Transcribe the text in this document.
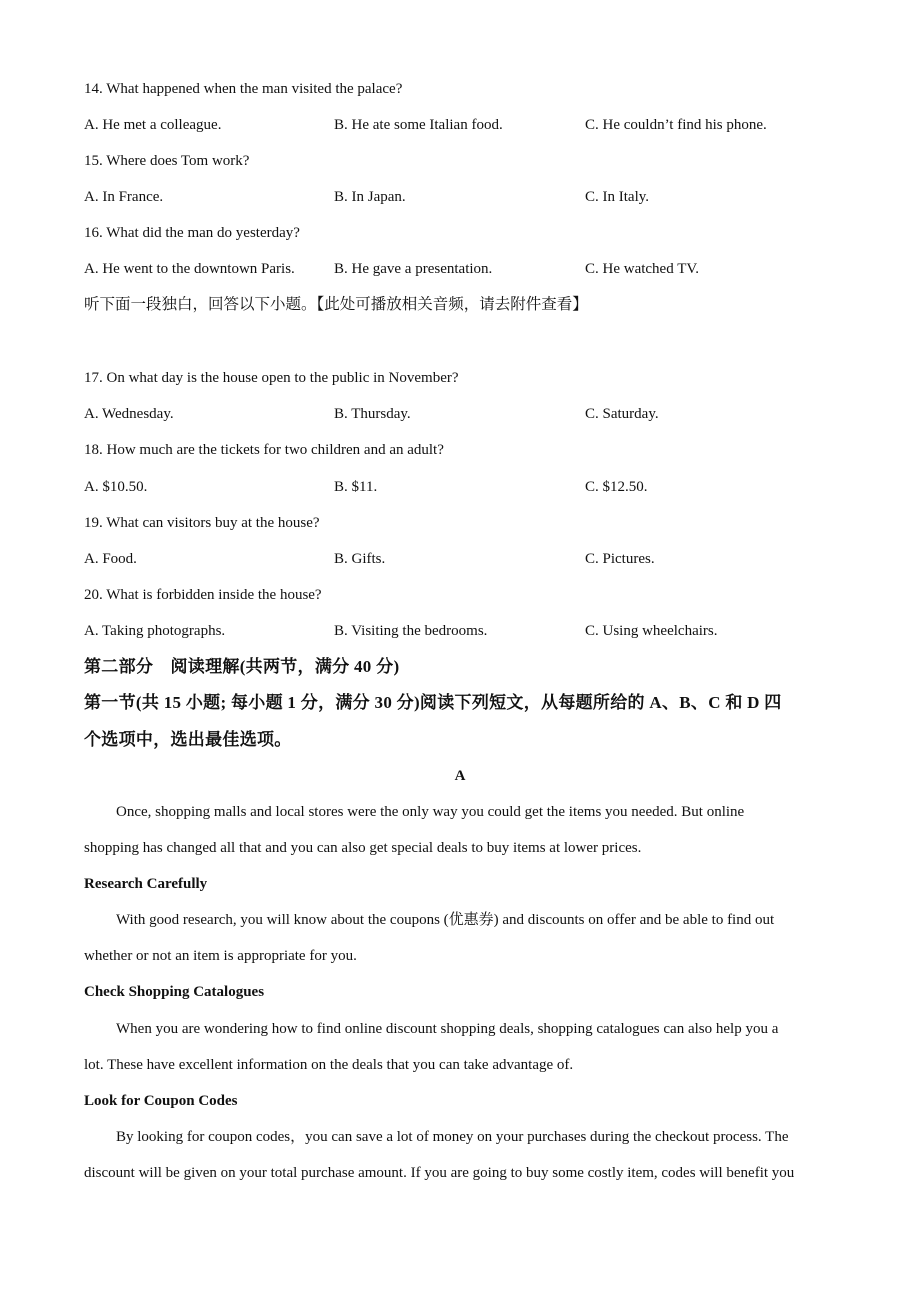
14. What happened when the man visited the palace?
A. He met a colleague.	B. He ate some Italian food.	C. He couldn’t find his phone.
15. Where does Tom work?
A. In France.	B. In Japan.	C. In Italy.
16. What did the man do yesterday?
A. He went to the downtown Paris.	B. He gave a presentation.	C. He watched TV.
听下面一段独白，回答以下小题。【此处可播放相关音频，请去附件查看】
17. On what day is the house open to the public in November?
A. Wednesday.	B. Thursday.	C. Saturday.
18. How much are the tickets for two children and an adult?
A. $10.50.	B. $11.	C. $12.50.
19. What can visitors buy at the house?
A. Food.	B. Gifts.	C. Pictures.
20. What is forbidden inside the house?
A. Taking photographs.	B. Visiting the bedrooms.	C. Using wheelchairs.
第二部分　阅读理解(共两节，满分 40 分)
第一节(共 15 小题; 每小题 1 分，满分 30 分)阅读下列短文，从每题所给的 A、B、C 和 D 四
个选项中，选出最佳选项。
A
Once, shopping malls and local stores were the only way you could get the items you needed. But online
shopping has changed all that and you can also get special deals to buy items at lower prices.
Research Carefully
With good research, you will know about the coupons (优惠券) and discounts on offer and be able to find out
whether or not an item is appropriate for you.
Check Shopping Catalogues
When you are wondering how to find online discount shopping deals, shopping catalogues can also help you a
lot. These have excellent information on the deals that you can take advantage of.
Look for Coupon Codes
By looking for coupon codes，you can save a lot of money on your purchases during the checkout process. The
discount will be given on your total purchase amount. If you are going to buy some costly item, codes will benefit you
